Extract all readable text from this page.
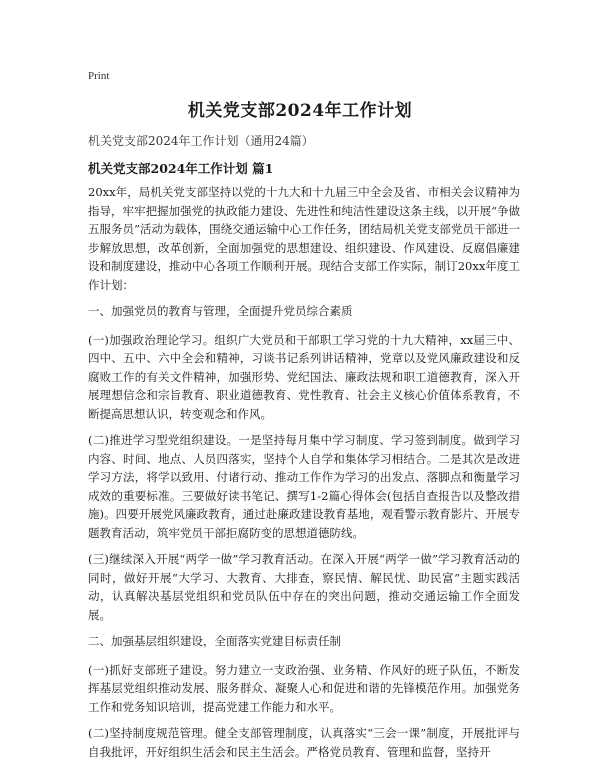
Print
机关党支部2024年工作计划
机关党支部2024年工作计划（通用24篇）
机关党支部2024年工作计划 篇1

20xx年，局机关党支部坚持以党的十九大和十九届三中全会及省、市相关会议精神为指导，牢牢把握加强党的执政能力建设、先进性和纯洁性建设这条主线，以开展“争做五服务员”活动为载体，围绕交通运输中心工作任务，团结局机关党支部党员干部进一步解放思想，改革创新，全面加强党的思想建设、组织建设、作风建设、反腐倡廉建设和制度建设，推动中心各项工作顺利开展。现结合支部工作实际，制订20xx年度工作计划：

一、加强党员的教育与管理，全面提升党员综合素质

(一)加强政治理论学习。组织广大党员和干部职工学习党的十九大精神，xx届三中、四中、五中、六中全会和精神，习谈书记系列讲话精神，党章以及党风廉政建设和反腐败工作的有关文件精神，加强形势、党纪国法、廉政法规和职工道德教育，深入开展理想信念和宗旨教育、职业道德教育、党性教育、社会主义核心价值体系教育，不断提高思想认识，转变观念和作风。

(二)推进学习型党组织建设。一是坚持每月集中学习制度、学习签到制度。做到学习内容、时间、地点、人员四落实，坚持个人自学和集体学习相结合。二是其次是改进学习方法，将学以致用、付诸行动、推动工作作为学习的出发点、落脚点和衡量学习成效的重要标准。三要做好读书笔记、撰写1-2篇心得体会(包括自查报告以及整改措施)。四要开展党风廉政教育，通过赴廉政建设教育基地，观看警示教育影片、开展专题教育活动，筑牢党员干部拒腐防变的思想道德防线。

(三)继续深入开展“两学一做”学习教育活动。在深入开展“两学一做”学习教育活动的同时，做好开展“大学习、大教育、大排查，察民情、解民忧、助民富”主题实践活动，认真解决基层党组织和党员队伍中存在的突出问题，推动交通运输工作全面发展。

二、加强基层组织建设，全面落实党建目标责任制

(一)抓好支部班子建设。努力建立一支政治强、业务精、作风好的班子队伍，不断发挥基层党组织推动发展、服务群众、凝聚人心和促进和谐的先锋模范作用。加强党务工作和党务知识培训，提高党建工作能力和水平。

(二)坚持制度规范管理。健全支部管理制度，认真落实“三会一课”制度，开展批评与自我批评，开好组织生活会和民主生活会。严格党员教育、管理和监督，坚持开
